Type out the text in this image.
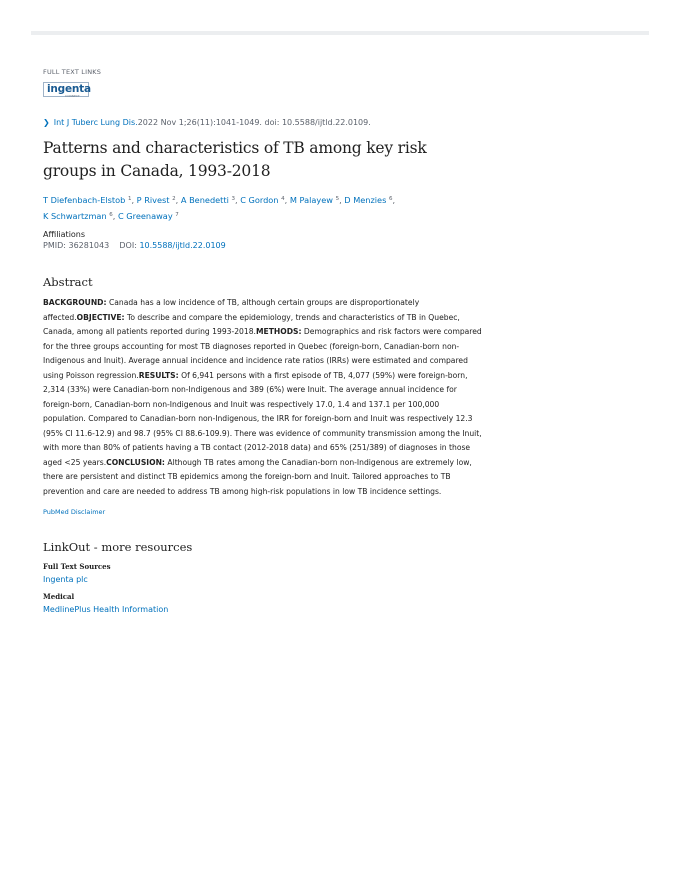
FULL TEXT LINKS
ingenta
CONNECT
❯ Int J Tuberc Lung Dis. 2022 Nov 1;26(11):1041-1049. doi: 10.5588/ijtld.22.0109.
Patterns and characteristics of TB among key risk groups in Canada, 1993-2018
T Diefenbach-Elstob $^1$, P Rivest $^2$, A Benedetti $^3$, C Gordon $^4$, M Palayew $^5$, D Menzies $^6$,
K Schwartzman $^6$, C Greenaway $^7$
Affiliations
PMID: 36281043 DOI: 10.5588/ijtld.22.0109
Abstract
BACKGROUND: Canada has a low incidence of TB, although certain groups are disproportionately affected.OBJECTIVE: To describe and compare the epidemiology, trends and characteristics of TB in Quebec, Canada, among all patients reported during 1993-2018.METHODS: Demographics and risk factors were compared for the three groups accounting for most TB diagnoses reported in Quebec (foreign-born, Canadian-born non-Indigenous and Inuit). Average annual incidence and incidence rate ratios (IRRs) were estimated and compared using Poisson regression.RESULTS: Of 6,941 persons with a first episode of TB, 4,077 (59%) were foreign-born, 2,314 (33%) were Canadian-born non-Indigenous and 389 (6%) were Inuit. The average annual incidence for foreign-born, Canadian-born non-Indigenous and Inuit was respectively 17.0, 1.4 and 137.1 per 100,000 population. Compared to Canadian-born non-Indigenous, the IRR for foreign-born and Inuit was respectively 12.3 (95% CI 11.6-12.9) and 98.7 (95% CI 88.6-109.9). There was evidence of community transmission among the Inuit, with more than 80% of patients having a TB contact (2012-2018 data) and 65% (251/389) of diagnoses in those aged <25 years.CONCLUSION: Although TB rates among the Canadian-born non-Indigenous are extremely low, there are persistent and distinct TB epidemics among the foreign-born and Inuit. Tailored approaches to TB prevention and care are needed to address TB among high-risk populations in low TB incidence settings.
PubMed Disclaimer
LinkOut - more resources
Full Text Sources
Ingenta plc
Medical
MedlinePlus Health Information
